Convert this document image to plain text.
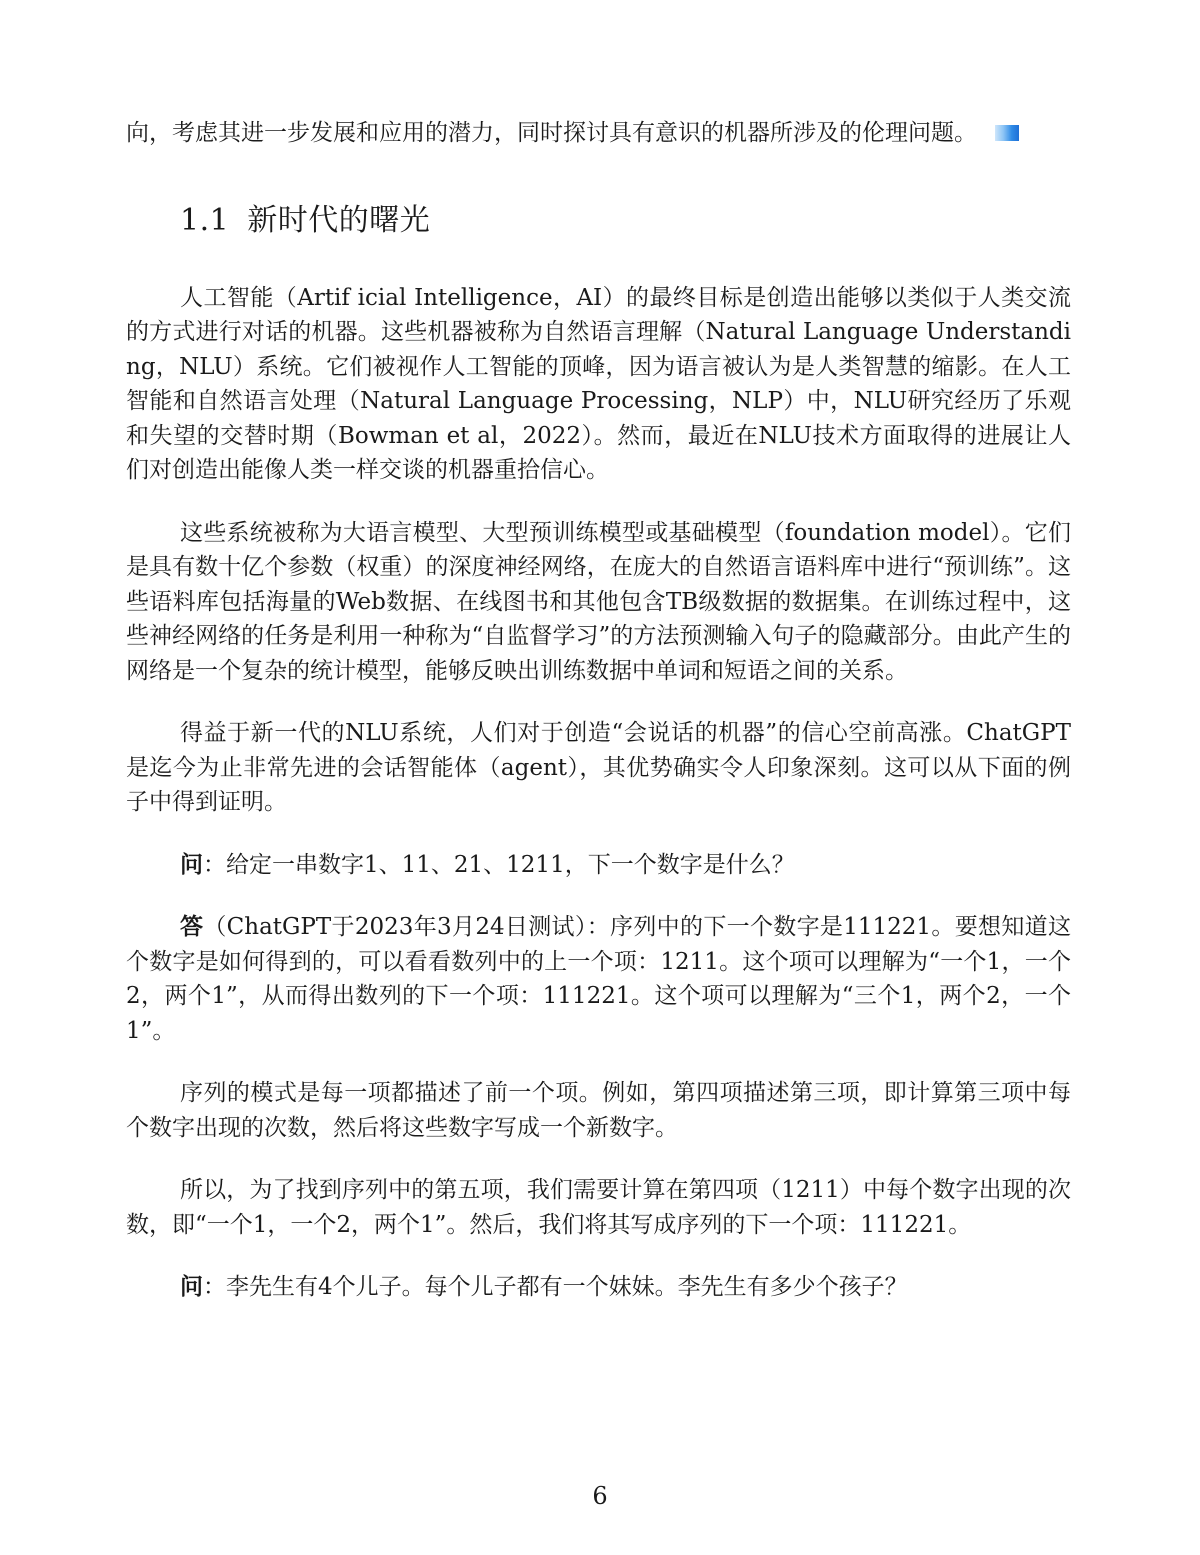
向，考虑其进一步发展和应用的潜力，同时探讨具有意识的机器所涉及的伦理问题。

1.1 新时代的曙光

人工智能（Artif icial Intelligence，AI）的最终目标是创造出能够以类似于人类交流的方式进行对话的机器。这些机器被称为自然语言理解（Natural Language Understanding，NLU）系统。它们被视作人工智能的顶峰，因为语言被认为是人类智慧的缩影。在人工智能和自然语言处理（Natural Language Processing，NLP）中，NLU研究经历了乐观和失望的交替时期（Bowman et al，2022）。然而，最近在NLU技术方面取得的进展让人们对创造出能像人类一样交谈的机器重拾信心。

这些系统被称为大语言模型、大型预训练模型或基础模型（foundation model）。它们是具有数十亿个参数（权重）的深度神经网络，在庞大的自然语言语料库中进行“预训练”。这些语料库包括海量的Web数据、在线图书和其他包含TB级数据的数据集。在训练过程中，这些神经网络的任务是利用一种称为“自监督学习”的方法预测输入句子的隐藏部分。由此产生的网络是一个复杂的统计模型，能够反映出训练数据中单词和短语之间的关系。

得益于新一代的NLU系统，人们对于创造“会说话的机器”的信心空前高涨。ChatGPT是迄今为止非常先进的会话智能体（agent），其优势确实令人印象深刻。这可以从下面的例子中得到证明。

问：给定一串数字1、11、21、1211，下一个数字是什么？

答（ChatGPT于2023年3月24日测试）：序列中的下一个数字是111221。要想知道这个数字是如何得到的，可以看看数列中的上一个项：1211。这个项可以理解为“一个1，一个2，两个1”，从而得出数列的下一个项：111221。这个项可以理解为“三个1，两个2，一个1”。

序列的模式是每一项都描述了前一个项。例如，第四项描述第三项，即计算第三项中每个数字出现的次数，然后将这些数字写成一个新数字。

所以，为了找到序列中的第五项，我们需要计算在第四项（1211）中每个数字出现的次数，即“一个1，一个2，两个1”。然后，我们将其写成序列的下一个项：111221。

问：李先生有4个儿子。每个儿子都有一个妹妹。李先生有多少个孩子？

6
